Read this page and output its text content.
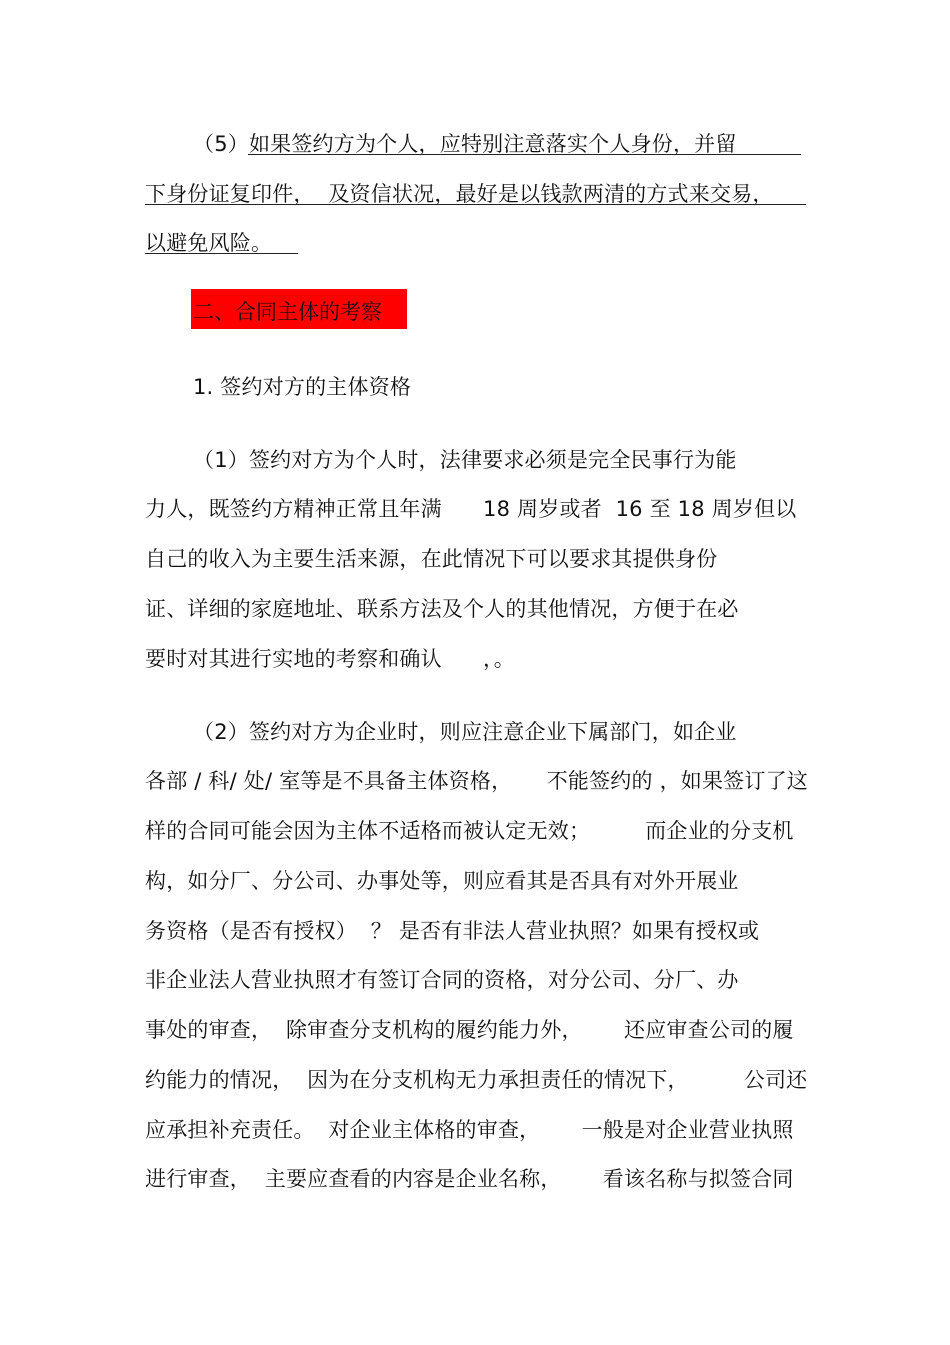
（5）如果签约方为个人，应特别注意落实个人身份，并留
下身份证复印件，  及资信状况，最好是以钱款两清的方式来交易，
以避免风险。
二、合同主体的考察
1. 签约对方的主体资格
（1）签约对方为个人时，法律要求必须是完全民事行为能
力人，既签约方精神正常且年满      18 周岁或者  16 至 18 周岁但以
自己的收入为主要生活来源，在此情况下可以要求其提供身份
证、详细的家庭地址、联系方法及个人的其他情况，方便于在必
要时对其进行实地的考察和确认      ，。
（2）签约对方为企业时，则应注意企业下属部门，如企业
各部 / 科/ 处/ 室等是不具备主体资格，     不能签约的 ，如果签订了这
样的合同可能会因为主体不适格而被认定无效；        而企业的分支机
构，如分厂、分公司、办事处等，则应看其是否具有对外开展业
务资格（是否有授权）  ？ 是否有非法人营业执照？如果有授权或
非企业法人营业执照才有签订合同的资格，对分公司、分厂、办
事处的审查，  除审查分支机构的履约能力外，      还应审查公司的履
约能力的情况，  因为在分支机构无力承担责任的情况下，        公司还
应承担补充责任。  对企业主体格的审查，      一般是对企业营业执照
进行审查，  主要应查看的内容是企业名称，      看该名称与拟签合同
